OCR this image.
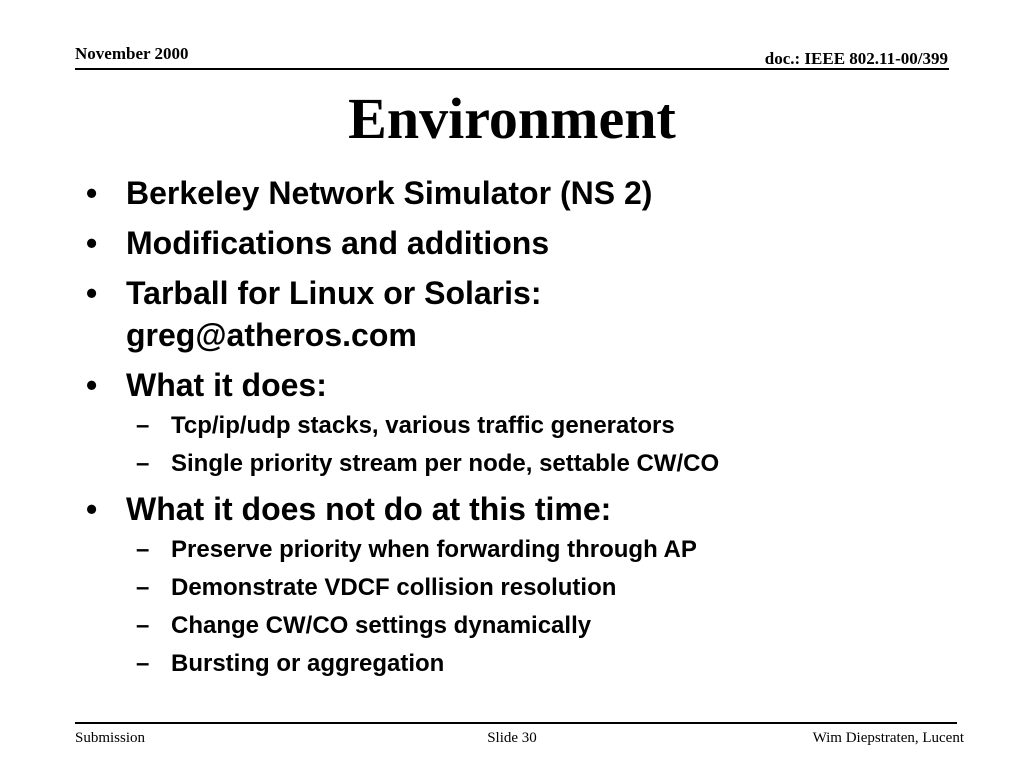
November 2000	doc.: IEEE 802.11-00/399
Environment
• Berkeley Network Simulator (NS 2)
• Modifications and additions
• Tarball for Linux or Solaris:
greg@atheros.com
• What it does:
– Tcp/ip/udp stacks, various traffic generators
– Single priority stream per node, settable CW/CO
• What it does not do at this time:
– Preserve priority when forwarding through AP
– Demonstrate VDCF collision resolution
– Change CW/CO settings dynamically
– Bursting or aggregation
Submission	Slide 30	Wim Diepstraten, Lucent
